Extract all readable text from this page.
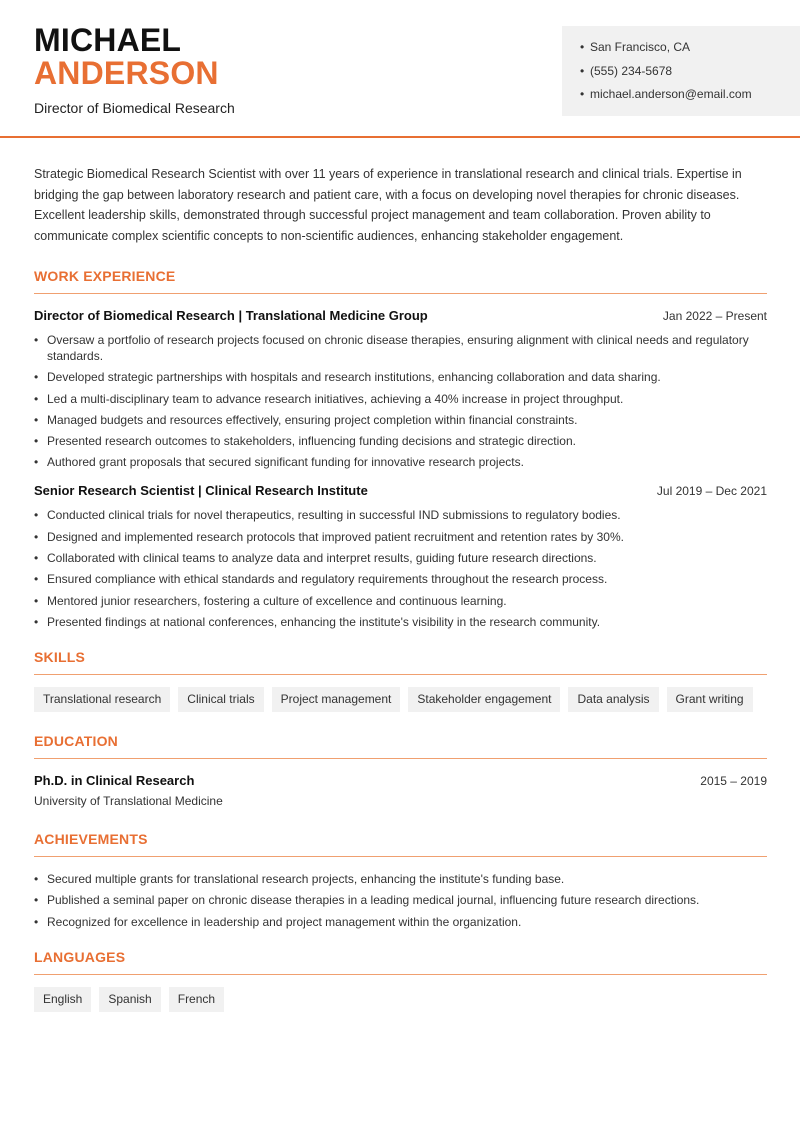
MICHAEL
ANDERSON
Director of Biomedical Research
• San Francisco, CA
• (555) 234-5678
• michael.anderson@email.com

Strategic Biomedical Research Scientist with over 11 years of experience in translational research and clinical trials. Expertise in bridging the gap between laboratory research and patient care, with a focus on developing novel therapies for chronic diseases. Excellent leadership skills, demonstrated through successful project management and team collaboration. Proven ability to communicate complex scientific concepts to non-scientific audiences, enhancing stakeholder engagement.

WORK EXPERIENCE
Director of Biomedical Research | Translational Medicine Group	Jan 2022 – Present
• Oversaw a portfolio of research projects focused on chronic disease therapies, ensuring alignment with clinical needs and regulatory standards.
• Developed strategic partnerships with hospitals and research institutions, enhancing collaboration and data sharing.
• Led a multi-disciplinary team to advance research initiatives, achieving a 40% increase in project throughput.
• Managed budgets and resources effectively, ensuring project completion within financial constraints.
• Presented research outcomes to stakeholders, influencing funding decisions and strategic direction.
• Authored grant proposals that secured significant funding for innovative research projects.
Senior Research Scientist | Clinical Research Institute	Jul 2019 – Dec 2021
• Conducted clinical trials for novel therapeutics, resulting in successful IND submissions to regulatory bodies.
• Designed and implemented research protocols that improved patient recruitment and retention rates by 30%.
• Collaborated with clinical teams to analyze data and interpret results, guiding future research directions.
• Ensured compliance with ethical standards and regulatory requirements throughout the research process.
• Mentored junior researchers, fostering a culture of excellence and continuous learning.
• Presented findings at national conferences, enhancing the institute's visibility in the research community.
SKILLS
Translational research	Clinical trials	Project management	Stakeholder engagement	Data analysis	Grant writing
EDUCATION
Ph.D. in Clinical Research	2015 – 2019
University of Translational Medicine
ACHIEVEMENTS
• Secured multiple grants for translational research projects, enhancing the institute's funding base.
• Published a seminal paper on chronic disease therapies in a leading medical journal, influencing future research directions.
• Recognized for excellence in leadership and project management within the organization.
LANGUAGES
English	Spanish	French
